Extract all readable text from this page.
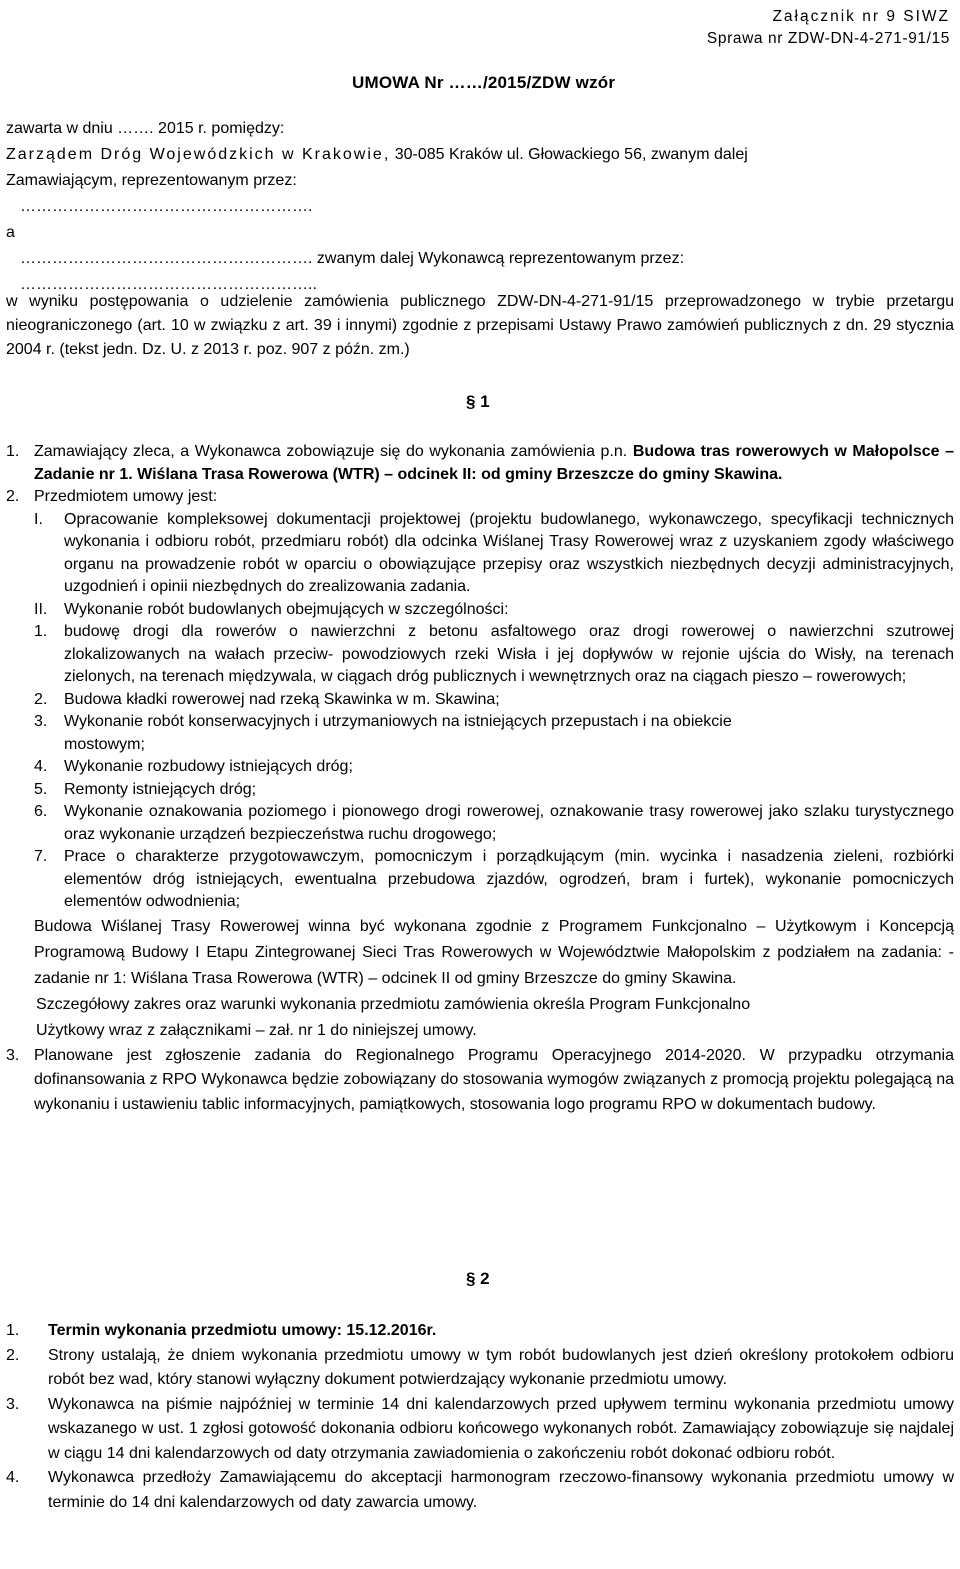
Załącznik nr 9 SIWZ
Sprawa nr ZDW-DN-4-271-91/15
UMOWA Nr ……/2015/ZDW wzór
zawarta w dniu ……. 2015 r. pomiędzy:
Zarządem Dróg Wojewódzkich w Krakowie, 30-085 Kraków ul. Głowackiego 56, zwanym dalej
Zamawiającym, reprezentowanym przez:
……………………………………………….
a
………………………………………………. zwanym dalej Wykonawcą reprezentowanym przez:
………………………………………………..
w wyniku postępowania o udzielenie zamówienia publicznego ZDW-DN-4-271-91/15 przeprowadzonego w trybie przetargu nieograniczonego (art. 10 w związku z art. 39 i innymi) zgodnie z przepisami Ustawy Prawo zamówień publicznych z dn. 29 stycznia 2004 r. (tekst jedn. Dz. U. z 2013 r. poz. 907 z późn. zm.)
§ 1
1. Zamawiający zleca, a Wykonawca zobowiązuje się do wykonania zamówienia p.n. Budowa tras rowerowych w Małopolsce – Zadanie nr 1. Wiślana Trasa Rowerowa (WTR) – odcinek II: od gminy Brzeszcze do gminy Skawina.
2. Przedmiotem umowy jest:
I. Opracowanie kompleksowej dokumentacji projektowej (projektu budowlanego, wykonawczego, specyfikacji technicznych wykonania i odbioru robót, przedmiaru robót) dla odcinka Wiślanej Trasy Rowerowej wraz z uzyskaniem zgody właściwego organu na prowadzenie robót w oparciu o obowiązujące przepisy oraz wszystkich niezbędnych decyzji administracyjnych, uzgodnień i opinii niezbędnych do zrealizowania zadania.
II. Wykonanie robót budowlanych obejmujących w szczególności:
1. budowę drogi dla rowerów o nawierzchni z betonu asfaltowego oraz drogi rowerowej o nawierzchni szutrowej zlokalizowanych na wałach przeciw- powodziowych rzeki Wisła i jej dopływów w rejonie ujścia do Wisły, na terenach zielonych, na terenach międzywala, w ciągach dróg publicznych i wewnętrznych oraz na ciągach pieszo – rowerowych;
2. Budowa kładki rowerowej nad rzeką Skawinka w m. Skawina;
3. Wykonanie robót konserwacyjnych i utrzymaniowych na istniejących przepustach i na obiekcie mostowym;
4. Wykonanie rozbudowy istniejących dróg;
5. Remonty istniejących dróg;
6. Wykonanie oznakowania poziomego i pionowego drogi rowerowej, oznakowanie trasy rowerowej jako szlaku turystycznego oraz wykonanie urządzeń bezpieczeństwa ruchu drogowego;
7. Prace o charakterze przygotowawczym, pomocniczym i porządkującym (min. wycinka i nasadzenia zieleni, rozbiórki elementów dróg istniejących, ewentualna przebudowa zjazdów, ogrodzeń, bram i furtek), wykonanie pomocniczych elementów odwodnienia;
Budowa Wiślanej Trasy Rowerowej winna być wykonana zgodnie z Programem Funkcjonalno – Użytkowym i Koncepcją Programową Budowy I Etapu Zintegrowanej Sieci Tras Rowerowych w Województwie Małopolskim z podziałem na zadania: - zadanie nr 1: Wiślana Trasa Rowerowa (WTR) – odcinek II od gminy Brzeszcze do gminy Skawina.
Szczegółowy zakres oraz warunki wykonania przedmiotu zamówienia określa Program Funkcjonalno
Użytkowy wraz z załącznikami – zał. nr 1 do niniejszej umowy.
3. Planowane jest zgłoszenie zadania do Regionalnego Programu Operacyjnego 2014-2020. W przypadku otrzymania dofinansowania z RPO Wykonawca będzie zobowiązany do stosowania wymogów związanych z promocją projektu polegającą na wykonaniu i ustawieniu tablic informacyjnych, pamiątkowych, stosowania logo programu RPO w dokumentach budowy.
§ 2
1. Termin wykonania przedmiotu umowy: 15.12.2016r.
2. Strony ustalają, że dniem wykonania przedmiotu umowy w tym robót budowlanych jest dzień określony protokołem odbioru robót bez wad, który stanowi wyłączny dokument potwierdzający wykonanie przedmiotu umowy.
3. Wykonawca na piśmie najpóźniej w terminie 14 dni kalendarzowych przed upływem terminu wykonania przedmiotu umowy wskazanego w ust. 1 zgłosi gotowość dokonania odbioru końcowego wykonanych robót. Zamawiający zobowiązuje się najdalej w ciągu 14 dni kalendarzowych od daty otrzymania zawiadomienia o zakończeniu robót dokonać odbioru robót.
4. Wykonawca przedłoży Zamawiającemu do akceptacji harmonogram rzeczowo-finansowy wykonania przedmiotu umowy w terminie do 14 dni kalendarzowych od daty zawarcia umowy.
